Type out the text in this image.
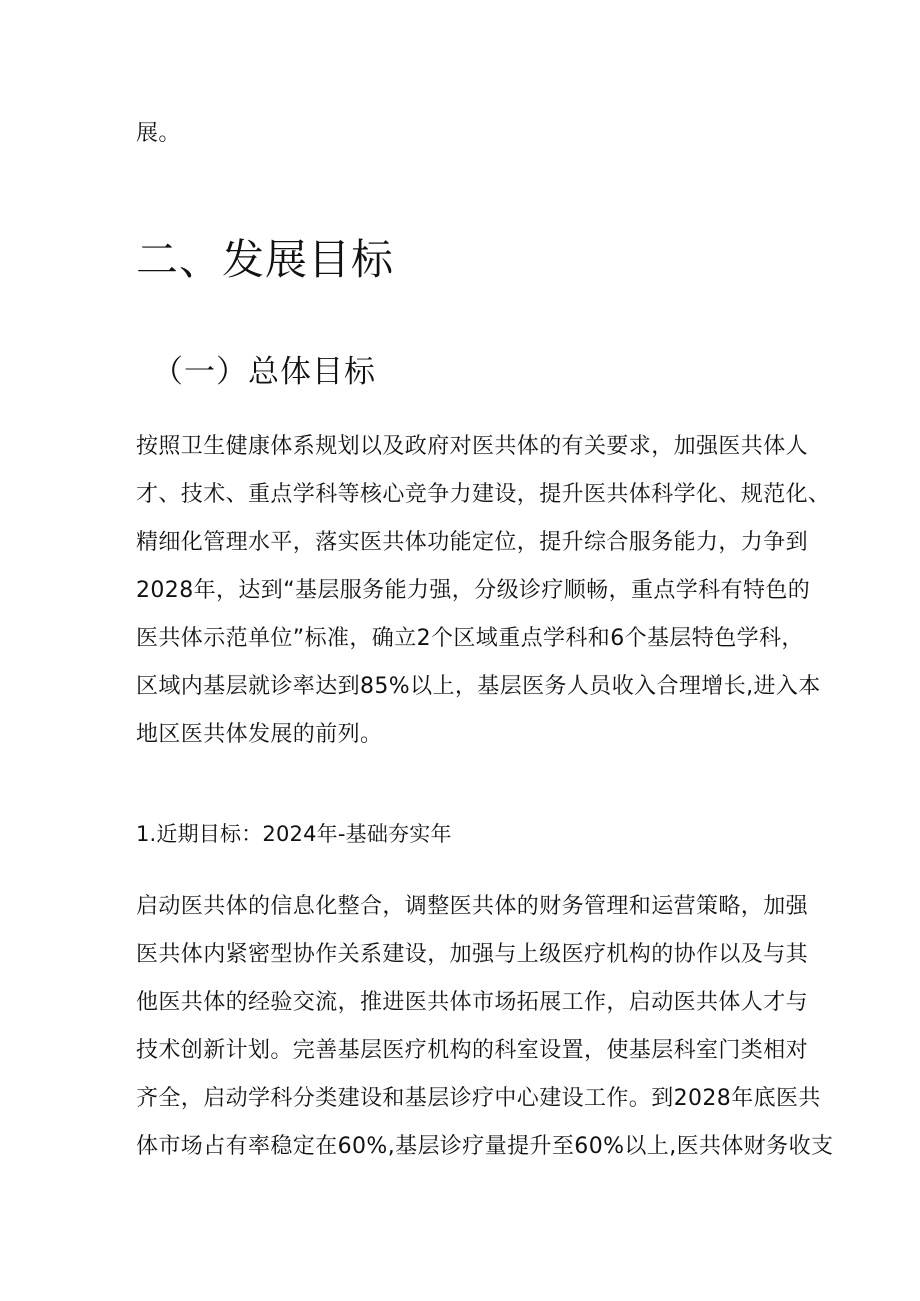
展。

二、发展目标
（一）总体目标

按照卫生健康体系规划以及政府对医共体的有关要求，加强医共体人

才、技术、重点学科等核心竞争力建设，提升医共体科学化、规范化、

精细化管理水平，落实医共体功能定位，提升综合服务能力，力争到

2028年，达到“基层服务能力强，分级诊疗顺畅，重点学科有特色的

医共体示范单位”标准，确立2个区域重点学科和6个基层特色学科，

区域内基层就诊率达到85%以上，基层医务人员收入合理增长,进入本

地区医共体发展的前列。

1.近期目标：2024年-基础夯实年

启动医共体的信息化整合，调整医共体的财务管理和运营策略，加强

医共体内紧密型协作关系建设，加强与上级医疗机构的协作以及与其

他医共体的经验交流，推进医共体市场拓展工作，启动医共体人才与

技术创新计划。完善基层医疗机构的科室设置，使基层科室门类相对

齐全，启动学科分类建设和基层诊疗中心建设工作。到2028年底医共

体市场占有率稳定在60%,基层诊疗量提升至60%以上,医共体财务收支
